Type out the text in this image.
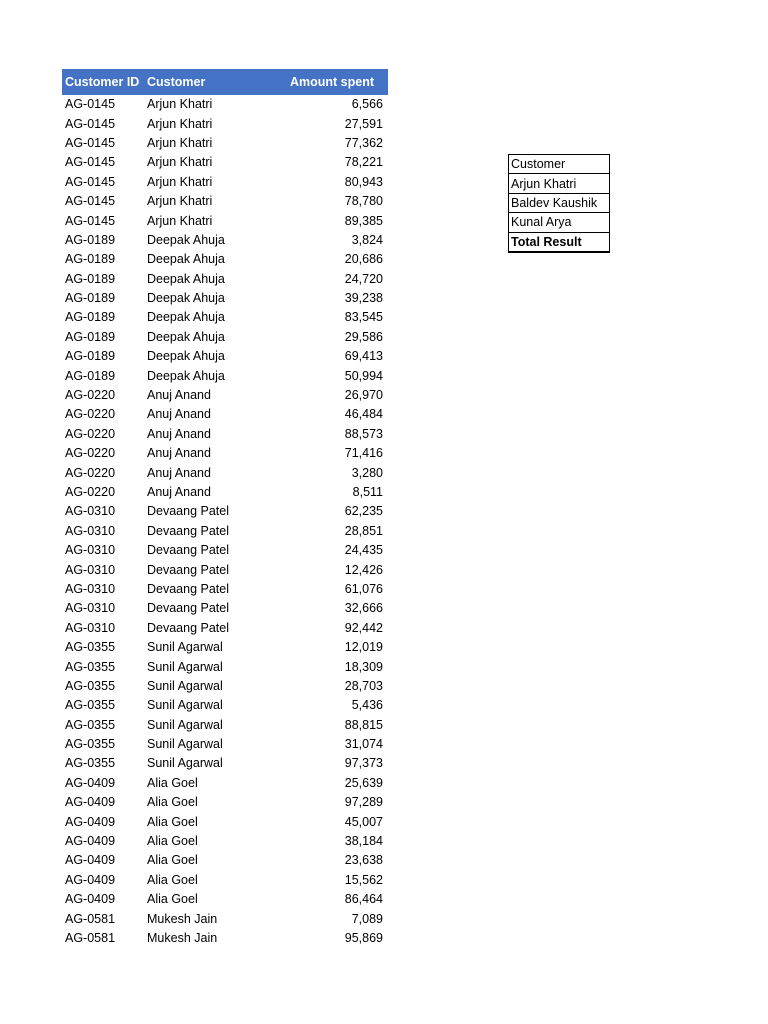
Customer ID	Customer	Amount spent
AG-0145	Arjun Khatri	6,566
AG-0145	Arjun Khatri	27,591
AG-0145	Arjun Khatri	77,362
AG-0145	Arjun Khatri	78,221
AG-0145	Arjun Khatri	80,943
AG-0145	Arjun Khatri	78,780
AG-0145	Arjun Khatri	89,385
AG-0189	Deepak Ahuja	3,824
AG-0189	Deepak Ahuja	20,686
AG-0189	Deepak Ahuja	24,720
AG-0189	Deepak Ahuja	39,238
AG-0189	Deepak Ahuja	83,545
AG-0189	Deepak Ahuja	29,586
AG-0189	Deepak Ahuja	69,413
AG-0189	Deepak Ahuja	50,994
AG-0220	Anuj Anand	26,970
AG-0220	Anuj Anand	46,484
AG-0220	Anuj Anand	88,573
AG-0220	Anuj Anand	71,416
AG-0220	Anuj Anand	3,280
AG-0220	Anuj Anand	8,511
AG-0310	Devaang Patel	62,235
AG-0310	Devaang Patel	28,851
AG-0310	Devaang Patel	24,435
AG-0310	Devaang Patel	12,426
AG-0310	Devaang Patel	61,076
AG-0310	Devaang Patel	32,666
AG-0310	Devaang Patel	92,442
AG-0355	Sunil Agarwal	12,019
AG-0355	Sunil Agarwal	18,309
AG-0355	Sunil Agarwal	28,703
AG-0355	Sunil Agarwal	5,436
AG-0355	Sunil Agarwal	88,815
AG-0355	Sunil Agarwal	31,074
AG-0355	Sunil Agarwal	97,373
AG-0409	Alia Goel	25,639
AG-0409	Alia Goel	97,289
AG-0409	Alia Goel	45,007
AG-0409	Alia Goel	38,184
AG-0409	Alia Goel	23,638
AG-0409	Alia Goel	15,562
AG-0409	Alia Goel	86,464
AG-0581	Mukesh Jain	7,089
AG-0581	Mukesh Jain	95,869
Customer
Arjun Khatri
Baldev Kaushik
Kunal Arya
Total Result
